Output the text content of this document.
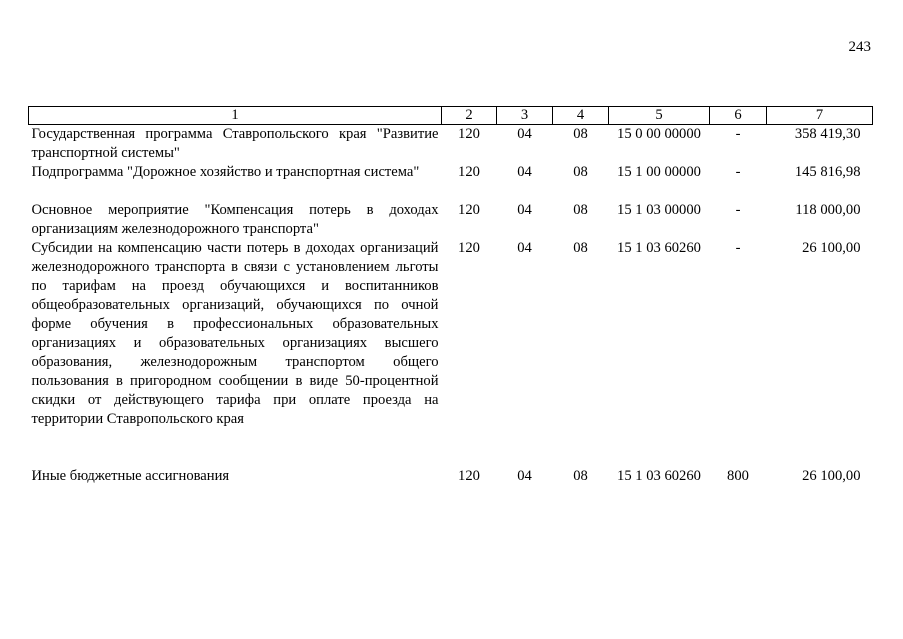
243
1	2	3	4	5	6	7
Государственная программа Ставропольского края "Развитие транспортной системы"	120	04	08	15 0 00 00000	-	358 419,30
Подпрограмма "Дорожное хозяйство и транспортная система"	120	04	08	15 1 00 00000	-	145 816,98

Основное мероприятие "Компенсация потерь в доходах организациям железнодорожного транспорта"	120	04	08	15 1 03 00000	-	118 000,00
Субсидии на компенсацию части потерь в доходах организаций железнодорожного транспорта в связи с установлением льготы по тарифам на проезд обучающихся и воспитанников общеобразовательных организаций, обучающихся по очной форме обучения в профессиональных образовательных организациях и образовательных организациях высшего образования, железнодорожным транспортом общего пользования в пригородном сообщении в виде 50-процентной скидки от действующего тарифа при оплате проезда на территории Ставропольского края	120	04	08	15 1 03 60260	-	26 100,00

Иные бюджетные ассигнования	120	04	08	15 1 03 60260	800	26 100,00
